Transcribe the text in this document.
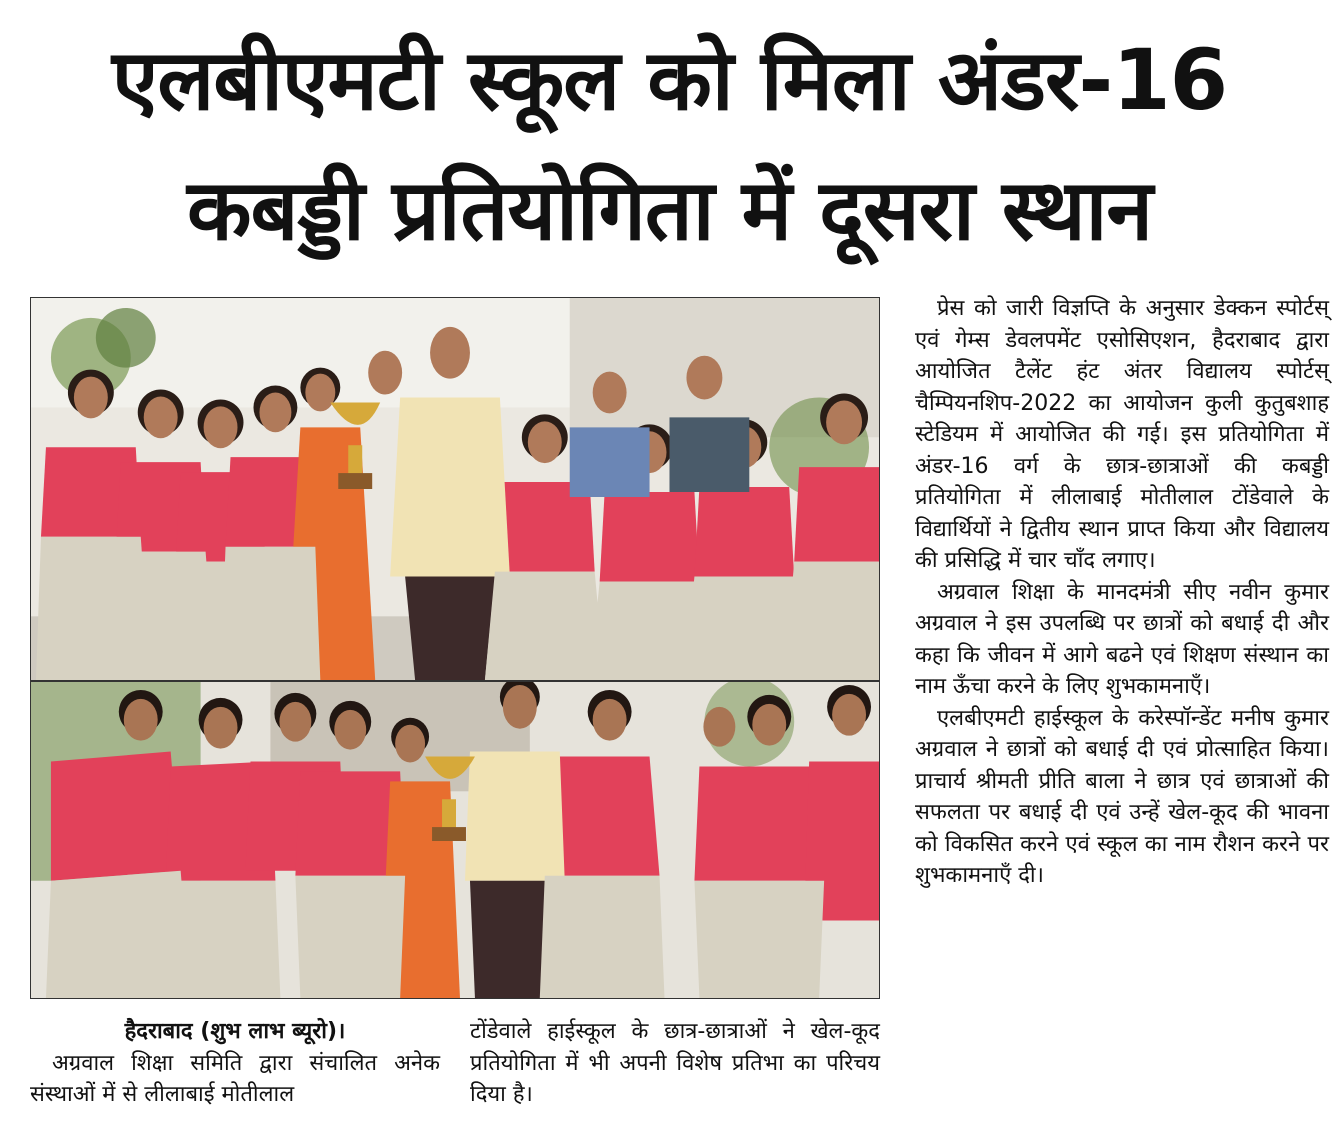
एलबीएमटी स्कूल को मिला अंडर-16
कबड्डी प्रतियोगिता में दूसरा स्थान

प्रेस को जारी विज्ञप्ति के अनुसार डेक्कन स्पोर्टस् एवं गेम्स डेवलपमेंट एसोसिएशन, हैदराबाद द्वारा आयोजित टैलेंट हंट अंतर विद्यालय स्पोर्टस् चैम्पियनशिप-2022 का आयोजन कुली कुतुबशाह स्टेडियम में आयोजित की गई। इस प्रतियोगिता में अंडर-16 वर्ग के छात्र-छात्राओं की कबड्डी प्रतियोगिता में लीलाबाई मोतीलाल टोंडेवाले के विद्यार्थियों ने द्वितीय स्थान प्राप्त किया और विद्यालय की प्रसिद्धि में चार चाँद लगाए।

अग्रवाल शिक्षा के मानदमंत्री सीए नवीन कुमार अग्रवाल ने इस उपलब्धि पर छात्रों को बधाई दी और कहा कि जीवन में आगे बढने एवं शिक्षण संस्थान का नाम ऊँचा करने के लिए शुभकामनाएँ।

एलबीएमटी हाईस्कूल के करेस्पॉन्डेंट मनीष कुमार अग्रवाल ने छात्रों को बधाई दी एवं प्रोत्साहित किया। प्राचार्य श्रीमती प्रीति बाला ने छात्र एवं छात्राओं की सफलता पर बधाई दी एवं उन्हें खेल-कूद की भावना को विकसित करने एवं स्कूल का नाम रौशन करने पर शुभकामनाएँ दी।

हैदराबाद (शुभ लाभ ब्यूरो)।

अग्रवाल शिक्षा समिति द्वारा संचालित अनेक संस्थाओं में से लीलाबाई मोतीलाल

टोंडेवाले हाईस्कूल के छात्र-छात्राओं ने खेल-कूद प्रतियोगिता में भी अपनी विशेष प्रतिभा का परिचय दिया है।
